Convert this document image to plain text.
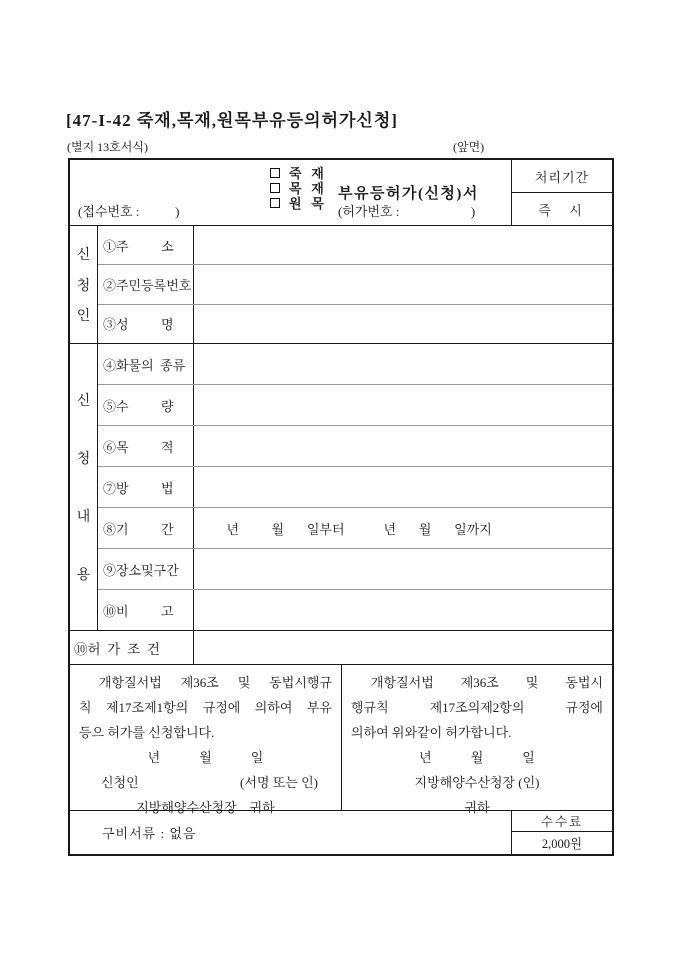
[47-I-42 죽재,목재,원목부유등의허가신청]
(별지 13호서식)	(앞면)
죽   재
목   재
원   목
부유등허가(신청)서
(접수번호 :           )	(허가번호 :                      )
처리기간
즉  시
신
청
인
①주          소
②주민등록번호
③성          명
신
청
내
용
④화물의  종류
⑤수          량
⑥목          적
⑦방          법
⑧기          간	년          월       일부터            년       월       일까지
⑨장소및구간
⑩비          고
⑩허  가  조  건
개항질서법 제36조 및 동법시행규
칙 제17조제1항의 규정에 의하여 부유
등으 허가를 신청합니다.
년            월            일
신청인	(서명 또는 인)
지방해양수산청장    귀하
개항질서법 제36조 및 동법시
행규칙 제17조의제2항의 규정에
의하여 위와같이 허가합니다.
년            월            일
지방해양수산청장 (인)
귀하
구비서류 : 없음
수수료
2,000원
